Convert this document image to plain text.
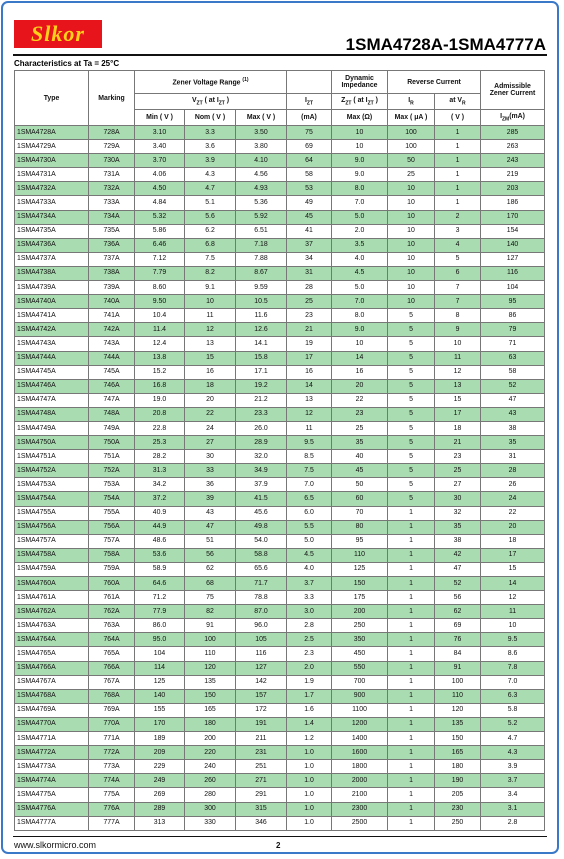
Slkor	1SMA4728A-1SMA4777A
Characteristics at Ta = 25°C
Type	Marking	Zener Voltage Range $^{(1)}$				Dynamic
Impedance	Reverse Current		Admissible
Zener Current
		$V_{ZT}$ ( at $I_{ZT}$ )			$I_{ZT}$	$Z_{ZT}$ ( at $I_{ZT}$ )	$I_R$	at $V_R$
		Min ( V )	Nom ( V )	Max ( V )	(mA)	Max (Ω)	Max ( μA )	( V )	$I_{ZM}(mA)$
1SMA4728A	728A	3.10	3.3	3.50	75	10	100	1	285
1SMA4729A	729A	3.40	3.6	3.80	69	10	100	1	263
1SMA4730A	730A	3.70	3.9	4.10	64	9.0	50	1	243
1SMA4731A	731A	4.06	4.3	4.56	58	9.0	25	1	219
1SMA4732A	732A	4.50	4.7	4.93	53	8.0	10	1	203
1SMA4733A	733A	4.84	5.1	5.36	49	7.0	10	1	186
1SMA4734A	734A	5.32	5.6	5.92	45	5.0	10	2	170
1SMA4735A	735A	5.86	6.2	6.51	41	2.0	10	3	154
1SMA4736A	736A	6.46	6.8	7.18	37	3.5	10	4	140
1SMA4737A	737A	7.12	7.5	7.88	34	4.0	10	5	127
1SMA4738A	738A	7.79	8.2	8.67	31	4.5	10	6	116
1SMA4739A	739A	8.60	9.1	9.59	28	5.0	10	7	104
1SMA4740A	740A	9.50	10	10.5	25	7.0	10	7	95
1SMA4741A	741A	10.4	11	11.6	23	8.0	5	8	86
1SMA4742A	742A	11.4	12	12.6	21	9.0	5	9	79
1SMA4743A	743A	12.4	13	14.1	19	10	5	10	71
1SMA4744A	744A	13.8	15	15.8	17	14	5	11	63
1SMA4745A	745A	15.2	16	17.1	16	16	5	12	58
1SMA4746A	746A	16.8	18	19.2	14	20	5	13	52
1SMA4747A	747A	19.0	20	21.2	13	22	5	15	47
1SMA4748A	748A	20.8	22	23.3	12	23	5	17	43
1SMA4749A	749A	22.8	24	26.0	11	25	5	18	38
1SMA4750A	750A	25.3	27	28.9	9.5	35	5	21	35
1SMA4751A	751A	28.2	30	32.0	8.5	40	5	23	31
1SMA4752A	752A	31.3	33	34.9	7.5	45	5	25	28
1SMA4753A	753A	34.2	36	37.9	7.0	50	5	27	26
1SMA4754A	754A	37.2	39	41.5	6.5	60	5	30	24
1SMA4755A	755A	40.9	43	45.6	6.0	70	1	32	22
1SMA4756A	756A	44.9	47	49.8	5.5	80	1	35	20
1SMA4757A	757A	48.6	51	54.0	5.0	95	1	38	18
1SMA4758A	758A	53.6	56	58.8	4.5	110	1	42	17
1SMA4759A	759A	58.9	62	65.6	4.0	125	1	47	15
1SMA4760A	760A	64.6	68	71.7	3.7	150	1	52	14
1SMA4761A	761A	71.2	75	78.8	3.3	175	1	56	12
1SMA4762A	762A	77.9	82	87.0	3.0	200	1	62	11
1SMA4763A	763A	86.0	91	96.0	2.8	250	1	69	10
1SMA4764A	764A	95.0	100	105	2.5	350	1	76	9.5
1SMA4765A	765A	104	110	116	2.3	450	1	84	8.6
1SMA4766A	766A	114	120	127	2.0	550	1	91	7.8
1SMA4767A	767A	125	135	142	1.9	700	1	100	7.0
1SMA4768A	768A	140	150	157	1.7	900	1	110	6.3
1SMA4769A	769A	155	165	172	1.6	1100	1	120	5.8
1SMA4770A	770A	170	180	191	1.4	1200	1	135	5.2
1SMA4771A	771A	189	200	211	1.2	1400	1	150	4.7
1SMA4772A	772A	209	220	231	1.0	1600	1	165	4.3
1SMA4773A	773A	229	240	251	1.0	1800	1	180	3.9
1SMA4774A	774A	249	260	271	1.0	2000	1	190	3.7
1SMA4775A	775A	269	280	291	1.0	2100	1	205	3.4
1SMA4776A	776A	289	300	315	1.0	2300	1	230	3.1
1SMA4777A	777A	313	330	346	1.0	2500	1	250	2.8
www.slkormicro.com	2
